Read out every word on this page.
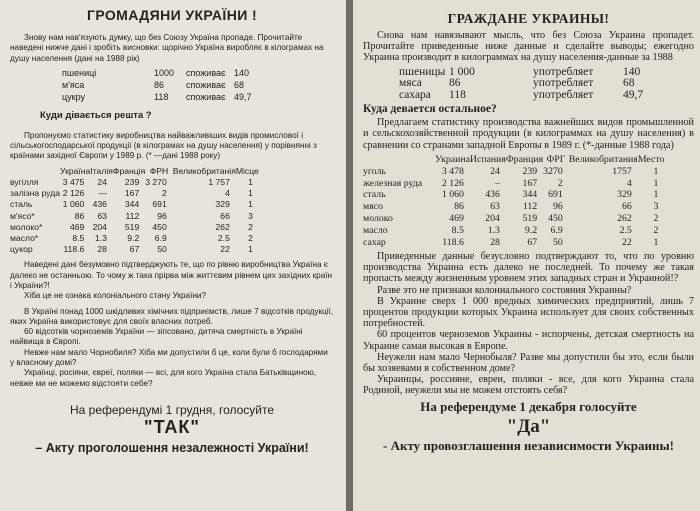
ГРОМАДЯНИ УКРАЇНИ !
Знову нам нав'язують думку, що без Союзу Україна пропаде. Прочитайте наведені нижче дані і зробіть висновки: щорічно Україна виробляє в кілограмах на душу населення (дані на 1988 рік)
пшениці	1000	споживає 140
м'яса	86	споживає 68
цукру	118	споживає 49,7
Куди дівається решта ?
Пропонуємо статистику виробництва найважливіших видів промислової і сільськогосподарської продукції (в кілограмах на душу населення) у порівнянні з країнами західної Європи у 1989 р. (* —дані 1988 року)
	Україна	Італія	Франція	ФРН	Великобританія	Місце
вугілля	3 475	24	239	3 270	1 757	1
залізна руда	2 126	—	167	2	4	1
сталь	1 060	436	344	691	329	1
м'ясо*	86	63	112	96	66	3
молоко*	469	204	519	450	262	2
масло*	8.5	1.3	9.2	6.9	2.5	2
цукор	118.6	28	67	50	22	1
Наведені дані безумовно підтверджують те, що по рівню виробництва Україна є далеко не останньою. То чому ж така прірва між життєвим рівнем цих західних країн і України?!
Хіба це не ознака колоніального стану України?
В Україні понад 1000 шкідливих хімічних підприємств, лише 7 відсотків продукції, яких Україна використовує для своїх власних потреб.
60 відсотків чорноземів України — зіпсовано, дитяча смертність в Україні найвища в Європі.
Невже нам мало Чорнобиля? Хіба ми допустили б це, коли були б господарями у власному домі?
Українці, росіяни, євреї, поляки — всі, для кого Україна стала Батьківщиною, невже ми не можемо відстояти себе?
На референдумі 1 грудня, голосуйте
"ТАК"
– Акту проголошення незалежності України!
ГРАЖДАНЕ УКРАИНЫ!
Снова нам навязывают мысль, что без Союза Украина пропадет. Прочитайте приведенные ниже данные и сделайте выводы; ежегодно Украина производит в килограммах на душу населения-данные за 1988
пшеницы 1 000	употребляет	140
мяса	86	употребляет	68
сахара	118	употребляет	49,7
Куда девается остальное?
Предлагаем статистику производства важнейших видов промышленной и сельскохозяйственной продукции (в килограммах на душу населения) в сравнении со странами западной Европы в 1989 г. (*-данные 1988 года)
	Украина	Испания	Франция	ФРГ	Великобритания	Место
уголь	3 478	24	239	3270	1757	1
железная руда	2 126	–	167	2	4	1
сталь	1 060	436	344	691	329	1
мясо	86	63	112	96	66	3
молоко	469	204	519	450	262	2
масло	8.5	1.3	9.2	6.9	2.5	2
сахар	118.6	28	67	50	22	1
Приведенные данные безусловно подтверждают то, что по уровню производства Украина есть далеко не последней. То почему же такая пропасть между жизненным уровнем этих западных стран и Украиной!?
Разве это не признаки колониального состояния Украины?
В Украине сверх 1 000 вредных химических предприятий, лишь 7 процентов продукции которых Украина использует для своих собственных потребностей.
60 процентов черноземов Украины - испорчены, детская смертность на Украине самая высокая в Европе.
Неужели нам мало Чернобыля? Разве мы допустили бы это, если были бы хозяевами в собственном доме?
Украинцы, россияне, евреи, поляки - все, для кого Украина стала Родиной, неужели мы не можем отстоять себя?
На референдуме 1 декабря голосуйте
"Да"
- Акту провозглашения независимости Украины!
